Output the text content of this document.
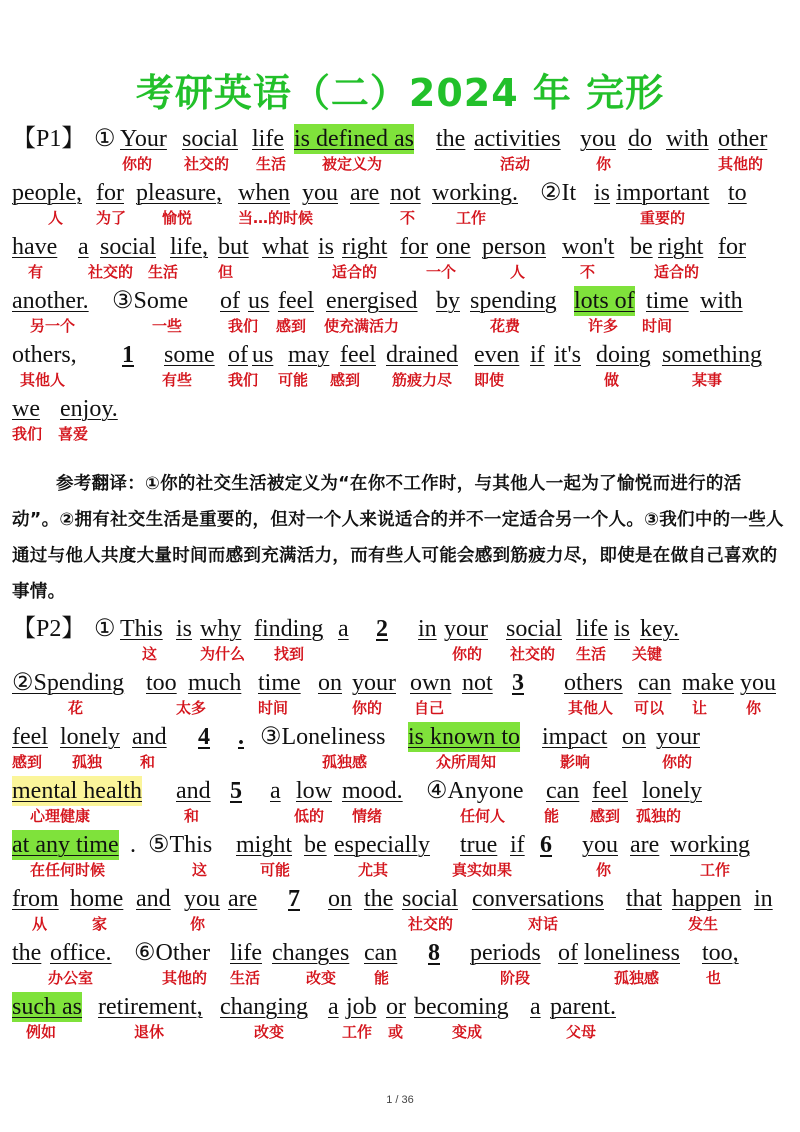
考研英语（二）2024 年 完形
【P1】 ① Your social life is defined as the activities you do with other
你的 社交的 生活 被定义为	活动	你	其他的
people, for pleasure, when you are not working. ②It is important to
人 为了 愉悦	当…的时候	不	工作	重要的
have a social life, but what is right for one person won't be right for
有	社交的 生活	但	适合的	一个	人	不	适合的
another. ③Some of us feel energised by spending lots of time with
另一个	一些	我们 感到 使充满活力	花费	许多 时间
others, 1 some of us may feel drained even if it's doing something
其他人	有些 我们 可能 感到 筋疲力尽 即使	做	某事
we enjoy.
我们 喜爱
参考翻译：①你的社交生活被定义为“在你不工作时，与其他人一起为了愉悦而进行的活动”。②拥有社交生活是重要的，但对一个人来说适合的并不一定适合另一个人。③我们中的一些人通过与他人共度大量时间而感到充满活力，而有些人可能会感到筋疲力尽，即使是在做自己喜欢的事情。
【P2】 ① This is why finding a 2 in your social life is key.
这	为什么 找到	你的 社交的 生活 关键
②Spending too much time on your own not 3 others can make you
花	太多	时间	你的 自己	其他人 可以 让	你
feel lonely and 4 . ③Loneliness is known to impact on your
感到 孤独	和	孤独感	众所周知	影响	你的
mental health and 5 a low mood. ④Anyone can feel lonely
心理健康	和	低的 情绪	任何人	能 感到 孤独的
at any time . ⑤This might be especially true if 6 you are working
在任何时候	这	可能	尤其	真实如果	你	工作
from home and you are 7 on the social conversations that happen in
从	家	你	社交的	对话	发生
the office. ⑥Other life changes can 8 periods of loneliness too,
办公室	其他的 生活	改变	能	阶段	孤独感	也
such as retirement, changing a job or becoming a parent.
例如	退休	改变	工作 或	变成	父母
1 / 36
